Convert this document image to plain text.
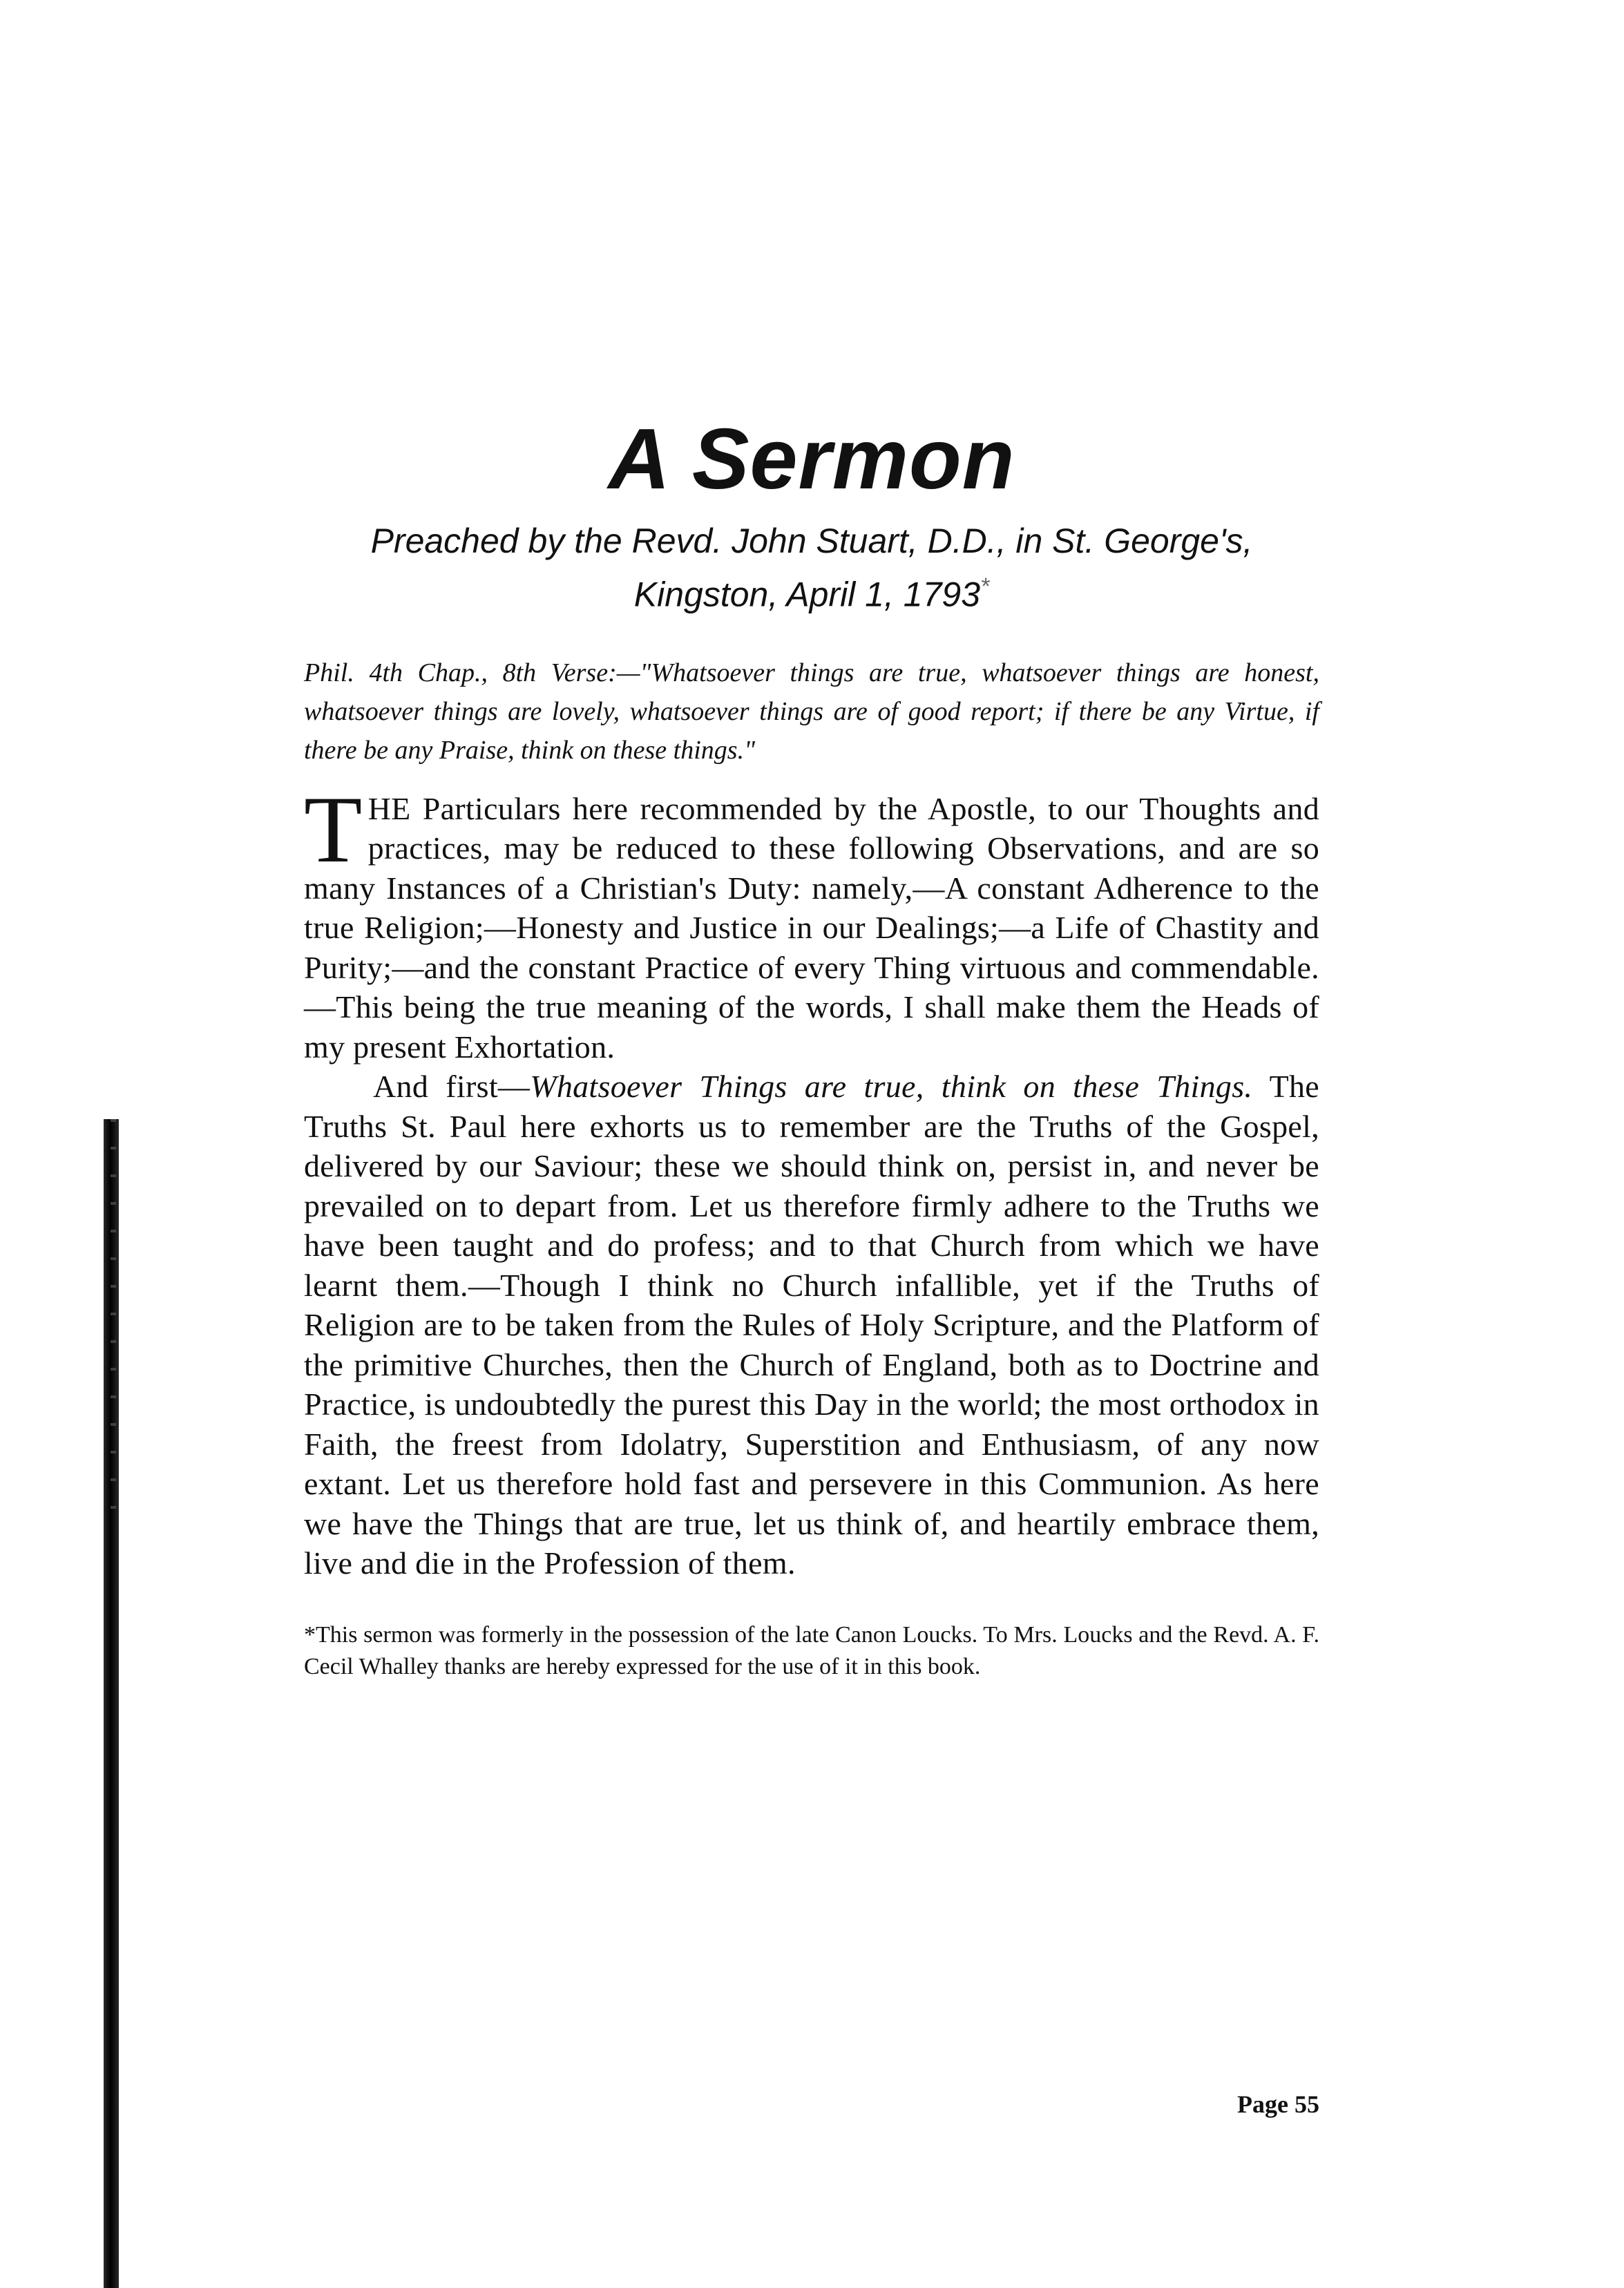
A Sermon

Preached by the Revd. John Stuart, D.D., in St. George's,

Kingston, April 1, 1793*

Phil. 4th Chap., 8th Verse:—"Whatsoever things are true, whatsoever things are honest, whatsoever things are lovely, whatsoever things are of good report; if there be any Virtue, if there be any Praise, think on these things."

THE Particulars here recommended by the Apostle, to our Thoughts and practices, may be reduced to these following Observations, and are so many Instances of a Christian's Duty: namely,—A constant Adherence to the true Religion;—Honesty and Justice in our Dealings;—a Life of Chastity and Purity;—and the constant Practice of every Thing virtuous and commendable.—This being the true meaning of the words, I shall make them the Heads of my present Exhortation.

And first—Whatsoever Things are true, think on these Things. The Truths St. Paul here exhorts us to remember are the Truths of the Gospel, delivered by our Saviour; these we should think on, persist in, and never be prevailed on to depart from. Let us therefore firmly adhere to the Truths we have been taught and do profess; and to that Church from which we have learnt them.—Though I think no Church infallible, yet if the Truths of Religion are to be taken from the Rules of Holy Scripture, and the Platform of the primitive Churches, then the Church of England, both as to Doctrine and Practice, is undoubtedly the purest this Day in the world; the most orthodox in Faith, the freest from Idolatry, Superstition and Enthusiasm, of any now extant. Let us therefore hold fast and persevere in this Communion. As here we have the Things that are true, let us think of, and heartily embrace them, live and die in the Profession of them.

*This sermon was formerly in the possession of the late Canon Loucks. To Mrs. Loucks and the Revd. A. F. Cecil Whalley thanks are hereby expressed for the use of it in this book.

Page 55
